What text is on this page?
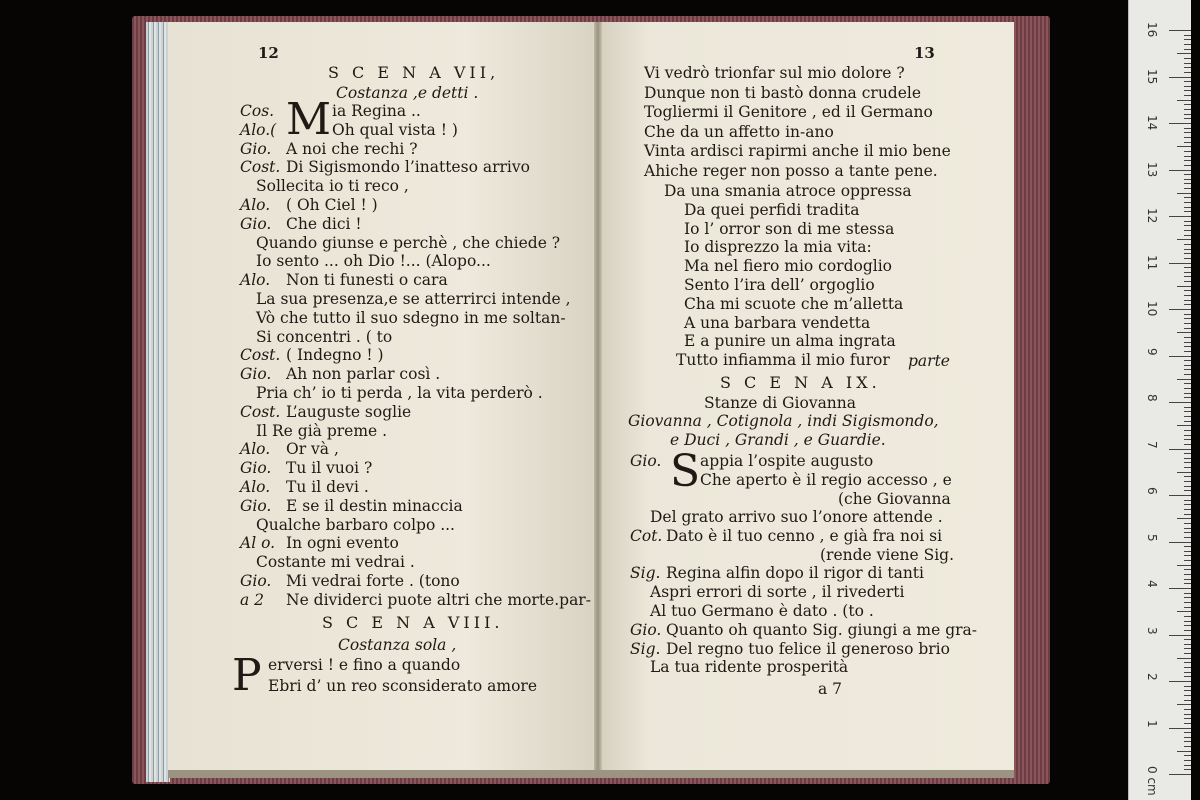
12
S C E N A VII,
Costanza ,e detti .
M
Cos.	ia Regina ..
Alo.(	Oh qual vista ! )
Gio. A noi che rechi ?
Cost. Di Sigismondo l’inatteso arrivo
Sollecita io ti reco ,
Alo. ( Oh Ciel ! )
Gio. Che dici !
Quando giunse e perchè , che chiede ?
Io sento ... oh Dio !... (Alopo...
Alo. Non ti funesti o cara
La sua presenza,e se atterrirci intende ,
Vò che tutto il suo sdegno in me soltan-
Si concentri . ( to
Cost. ( Indegno ! )
Gio. Ah non parlar così .
Pria ch’ io ti perda , la vita perderò .
Cost. L’auguste soglie
Il Re già preme .
Alo. Or và ,
Gio. Tu il vuoi ?
Alo. Tu il devi .
Gio. E se il destin minaccia
Qualche barbaro colpo ...
Al o. In ogni evento
Costante mi vedrai .
Gio. Mi vedrai forte . (tono
a 2 Ne dividerci puote altri che morte.par-
S C E N A VIII.
Costanza sola ,
P erversi ! e fino a quando
Ebri d’ un reo sconsiderato amore
13
Vi vedrò trionfar sul mio dolore ?
Dunque non ti bastò donna crudele
Togliermi il Genitore , ed il Germano
Che da un affetto in-ano
Vinta ardisci rapirmi anche il mio bene
Ahiche reger non posso a tante pene.
Da una smania atroce oppressa
Da quei perfidi tradita
Io l’ orror son di me stessa
Io disprezzo la mia vita:
Ma nel fiero mio cordoglio
Sento l’ira dell’ orgoglio
Cha mi scuote che m’alletta
A una barbara vendetta
E a punire un alma ingrata
Tutto infiamma il mio furor parte
S C E N A IX.
Stanze di Giovanna
Giovanna , Cotignola , indi Sigismondo,
e Duci , Grandi , e Guardie.
Gio. S appia l’ospite augusto
Che aperto è il regio accesso , e
(che Giovanna
Del grato arrivo suo l’onore attende .
Cot. Dato è il tuo cenno , e già fra noi si
(rende viene Sig.
Sig. Regina alfin dopo il rigor di tanti
Aspri errori di sorte , il rivederti
Al tuo Germano è dato . (to .
Gio. Quanto oh quanto Sig. giungi a me gra-
Sig. Del regno tuo felice il generoso brio
La tua ridente prosperità
a 7
16
15
14
13
12
11
10
9
8
7
6
5
4
3
2
1
0 cm
